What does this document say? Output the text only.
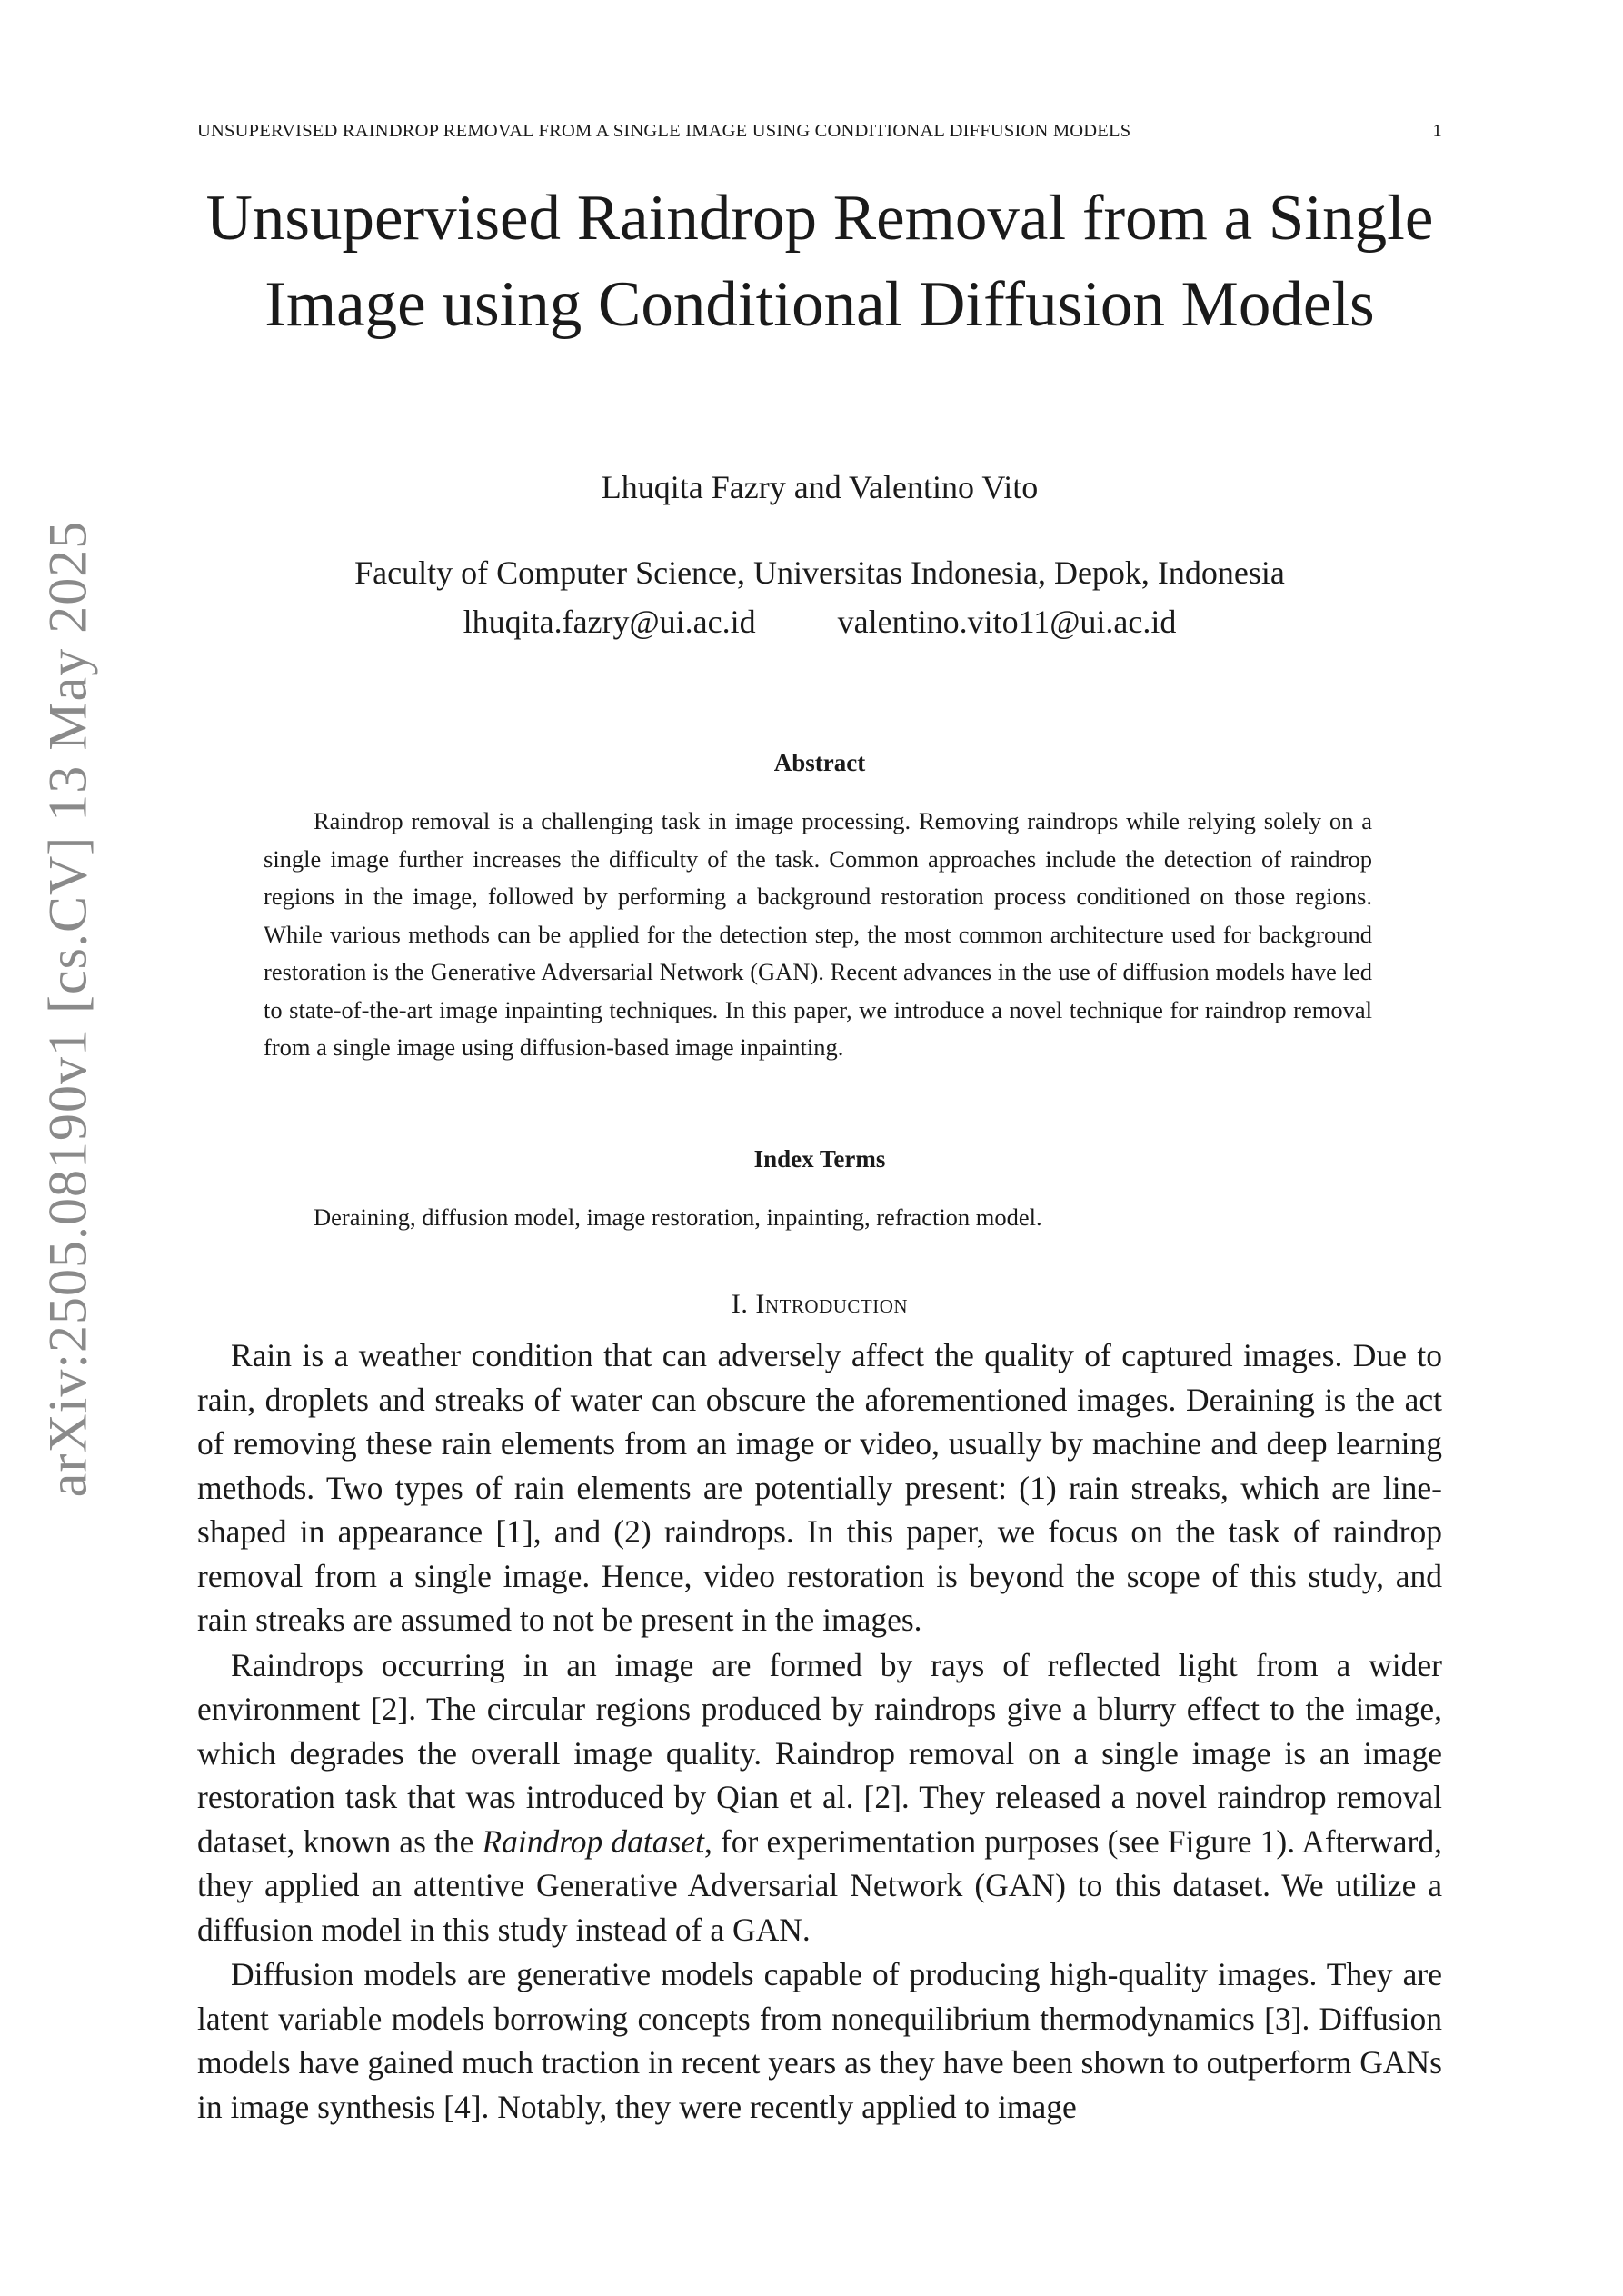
UNSUPERVISED RAINDROP REMOVAL FROM A SINGLE IMAGE USING CONDITIONAL DIFFUSION MODELS	1
arXiv:2505.08190v1 [cs.CV] 13 May 2025
Unsupervised Raindrop Removal from a Single Image using Conditional Diffusion Models
Lhuqita Fazry and Valentino Vito
Faculty of Computer Science, Universitas Indonesia, Depok, Indonesia
lhuqita.fazry@ui.ac.id	valentino.vito11@ui.ac.id
Abstract

Raindrop removal is a challenging task in image processing. Removing raindrops while relying solely on a single image further increases the difficulty of the task. Common approaches include the detection of raindrop regions in the image, followed by performing a background restoration process conditioned on those regions. While various methods can be applied for the detection step, the most common architecture used for background restoration is the Generative Adversarial Network (GAN). Recent advances in the use of diffusion models have led to state-of-the-art image inpainting techniques. In this paper, we introduce a novel technique for raindrop removal from a single image using diffusion-based image inpainting.

Index Terms
Deraining, diffusion model, image restoration, inpainting, refraction model.
I. Introduction

Rain is a weather condition that can adversely affect the quality of captured images. Due to rain, droplets and streaks of water can obscure the aforementioned images. Deraining is the act of removing these rain elements from an image or video, usually by machine and deep learning methods. Two types of rain elements are potentially present: (1) rain streaks, which are line-shaped in appearance [1], and (2) raindrops. In this paper, we focus on the task of raindrop removal from a single image. Hence, video restoration is beyond the scope of this study, and rain streaks are assumed to not be present in the images.

Raindrops occurring in an image are formed by rays of reflected light from a wider environment [2]. The circular regions produced by raindrops give a blurry effect to the image, which degrades the overall image quality. Raindrop removal on a single image is an image restoration task that was introduced by Qian et al. [2]. They released a novel raindrop removal dataset, known as the Raindrop dataset, for experimentation purposes (see Figure 1). Afterward, they applied an attentive Generative Adversarial Network (GAN) to this dataset. We utilize a diffusion model in this study instead of a GAN.

Diffusion models are generative models capable of producing high-quality images. They are latent variable models borrowing concepts from nonequilibrium thermodynamics [3]. Diffusion models have gained much traction in recent years as they have been shown to outperform GANs in image synthesis [4]. Notably, they were recently applied to image
